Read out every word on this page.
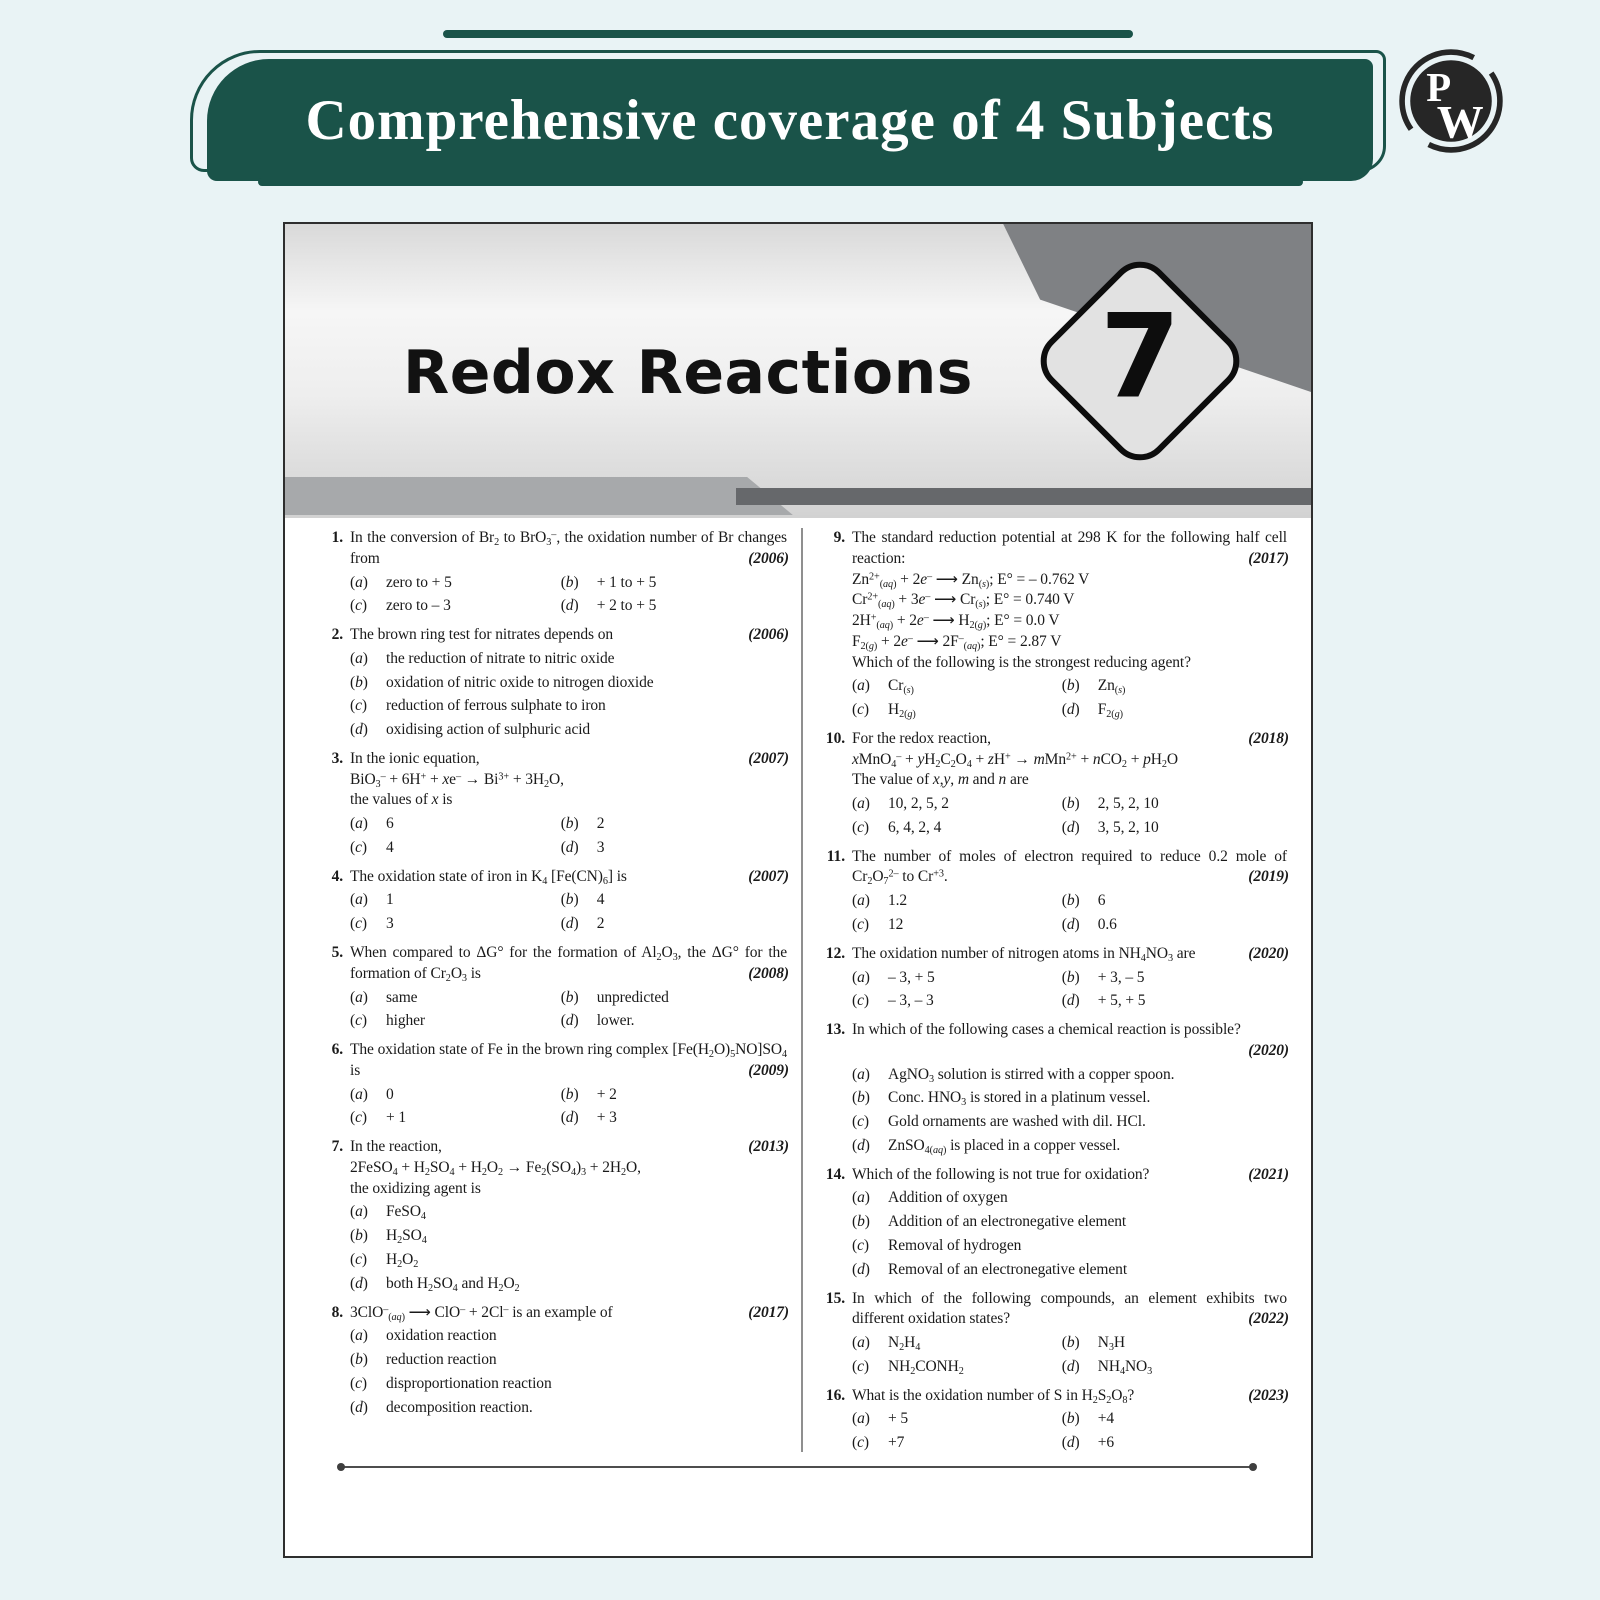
Comprehensive coverage of 4 Subjects
P
W
Redox Reactions 7
1. In the conversion of $Br_2$ to BrO$_3$–, the oxidation number of Br changes from	(2006)
(a)	zero to + 5	(b)	+ 1 to + 5
(c)	zero to – 3	(d)	+ 2 to + 5
2. The brown ring test for nitrates depends on	(2006)
(a)	the reduction of nitrate to nitric oxide
(b)	oxidation of nitric oxide to nitrogen dioxide
(c)	reduction of ferrous sulphate to iron
(d)	oxidising action of sulphuric acid
3. In the ionic equation,	(2007)
$BiO_3^- + 6H^+ + xe^- \to Bi^{3+} + 3H_2O$,
the values of x is
(a)	6	(b)	2
(c)	4	(d)	3
4. The oxidation state of iron in $K_4$ $[Fe(CN)_6]$ is	(2007)
(a)	1	(b)	4
(c)	3	(d)	2
5. When compared to ΔG° for the formation of $Al_2O_3$, the ΔG° for the formation of $Cr_2O_3$ is	(2008)
(a)	same	(b)	unpredicted
(c)	higher	(d)	lower.
6. The oxidation state of Fe in the brown ring complex $[Fe(H_2O)_5NO]SO_4$ is	(2009)
(a)	0	(b)	+ 2
(c)	+ 1	(d)	+ 3
7. In the reaction,	(2013)
2FeSO$_4$ + $H_2SO_4 + H_2O_2 \to Fe_2(SO_4)_3 + 2H_2O$,
the oxidizing agent is
(a)	FeSO$_4$
(b)	$H_2SO_4$
(c)	$H_2O_2$
(d)	both $H_2SO_4$ and $H_2O_2$
8. 3ClO–$_{(aq)}$ ⟶ ClO– + 2Cl– is an example of	(2017)
(a)	oxidation reaction
(b)	reduction reaction
(c)	disproportionation reaction
(d)	decomposition reaction.
9. The standard reduction potential at 298 K for the following half cell reaction:	(2017)
$Zn^{2+}_{(aq)} + 2e^-$ ⟶ $Zn_{(s)}$; E° = – 0.762 V
$Cr^{2+}_{(aq)} + 3e^-$ ⟶ $Cr_{(s)}$; E° = 0.740 V
$2H^+_{(aq)} + 2e^-$ ⟶ $H_{2(g)}$; E° = 0.0 V
$F_{2(g)} + 2e^-$ ⟶ $2F^-_{(aq)}$; E° = 2.87 V
Which of the following is the strongest reducing agent?
(a)	$Cr_{(s)}$	(b)	$Zn_{(s)}$
(c)	$H_{2(g)}$	(d)	$F_{2(g)}$
10. For the redox reaction,	(2018)
xMnO$_4$– + $yH_2C_2O_4 + zH^+ \to mMn^{2+} + nCO_2 + pH_2O$
The value of x,y, m and n are
(a)	10, 2, 5, 2	(b)	2, 5, 2, 10
(c)	6, 4, 2, 4	(d)	3, 5, 2, 10
11. The number of moles of electron required to reduce 0.2 mole of $Cr_2O_7^{2-}$ to $Cr^{+3}$.	(2019)
(a)	1.2	(b)	6
(c)	12	(d)	0.6
12. The oxidation number of nitrogen atoms in $NH_4NO_3$ are	(2020)
(a)	– 3, + 5	(b)	+ 3, – 5
(c)	– 3, – 3	(d)	+ 5, + 5
13. In which of the following cases a chemical reaction is possible?

(2020)
(a)	AgNO$_3$ solution is stirred with a copper spoon.
(b)	Conc. $HNO_3$ is stored in a platinum vessel.
(c)	Gold ornaments are washed with dil. HCl.
(d)	ZnSO$_{4(aq)}$ is placed in a copper vessel.
14. Which of the following is not true for oxidation?	(2021)
(a)	Addition of oxygen
(b)	Addition of an electronegative element
(c)	Removal of hydrogen
(d)	Removal of an electronegative element
15. In which of the following compounds, an element exhibits two different oxidation states?	(2022)
(a)	$N_2H_4$	(b)	$N_3H$
(c)	$NH_2CONH_2$	(d)	$NH_4NO_3$
16. What is the oxidation number of S in $H_2S_2O_8$?	(2023)
(a)	+ 5	(b)	+4
(c)	+7	(d)	+6
